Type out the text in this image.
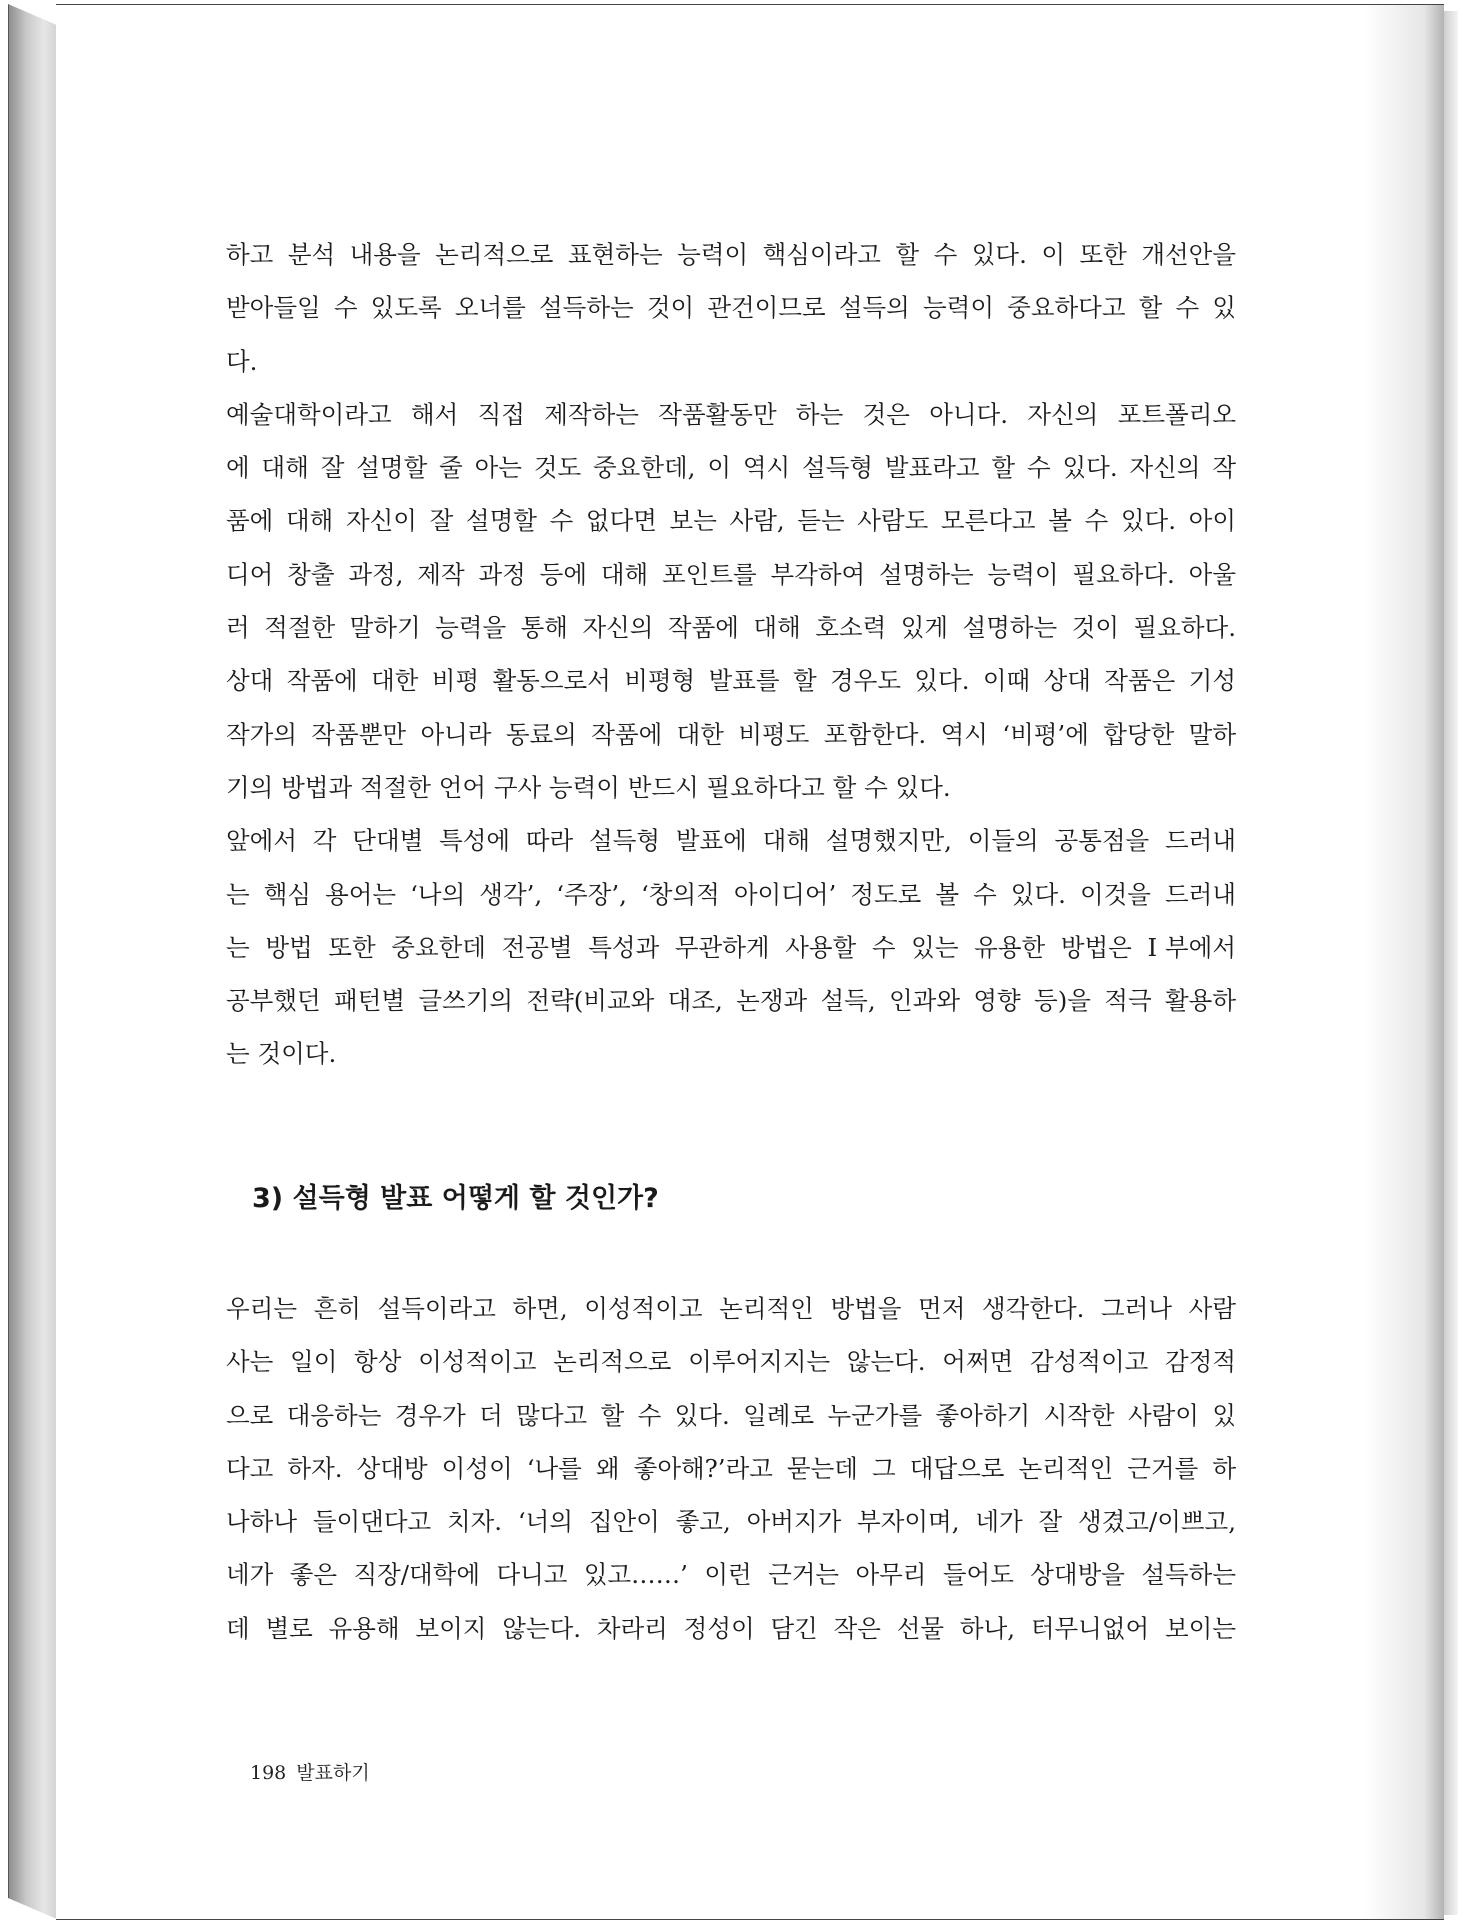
하고 분석 내용을 논리적으로 표현하는 능력이 핵심이라고 할 수 있다. 이 또한 개선안을
받아들일 수 있도록 오너를 설득하는 것이 관건이므로 설득의 능력이 중요하다고 할 수 있
다.
예술대학이라고 해서 직접 제작하는 작품활동만 하는 것은 아니다. 자신의 포트폴리오
에 대해 잘 설명할 줄 아는 것도 중요한데, 이 역시 설득형 발표라고 할 수 있다. 자신의 작
품에 대해 자신이 잘 설명할 수 없다면 보는 사람, 듣는 사람도 모른다고 볼 수 있다. 아이
디어 창출 과정, 제작 과정 등에 대해 포인트를 부각하여 설명하는 능력이 필요하다. 아울
러 적절한 말하기 능력을 통해 자신의 작품에 대해 호소력 있게 설명하는 것이 필요하다.
상대 작품에 대한 비평 활동으로서 비평형 발표를 할 경우도 있다. 이때 상대 작품은 기성
작가의 작품뿐만 아니라 동료의 작품에 대한 비평도 포함한다. 역시 ‘비평’에 합당한 말하
기의 방법과 적절한 언어 구사 능력이 반드시 필요하다고 할 수 있다.
앞에서 각 단대별 특성에 따라 설득형 발표에 대해 설명했지만, 이들의 공통점을 드러내
는 핵심 용어는 ‘나의 생각’, ‘주장’, ‘창의적 아이디어’ 정도로 볼 수 있다. 이것을 드러내
는 방법 또한 중요한데 전공별 특성과 무관하게 사용할 수 있는 유용한 방법은 Ⅰ부에서
공부했던 패턴별 글쓰기의 전략(비교와 대조, 논쟁과 설득, 인과와 영향 등)을 적극 활용하
는 것이다.
3) 설득형 발표 어떻게 할 것인가?
우리는 흔히 설득이라고 하면, 이성적이고 논리적인 방법을 먼저 생각한다. 그러나 사람
사는 일이 항상 이성적이고 논리적으로 이루어지지는 않는다. 어쩌면 감성적이고 감정적
으로 대응하는 경우가 더 많다고 할 수 있다. 일례로 누군가를 좋아하기 시작한 사람이 있
다고 하자. 상대방 이성이 ‘나를 왜 좋아해?’라고 묻는데 그 대답으로 논리적인 근거를 하
나하나 들이댄다고 치자. ‘너의 집안이 좋고, 아버지가 부자이며, 네가 잘 생겼고/이쁘고,
네가 좋은 직장/대학에 다니고 있고……’ 이런 근거는 아무리 들어도 상대방을 설득하는
데 별로 유용해 보이지 않는다. 차라리 정성이 담긴 작은 선물 하나, 터무니없어 보이는
198 발표하기
